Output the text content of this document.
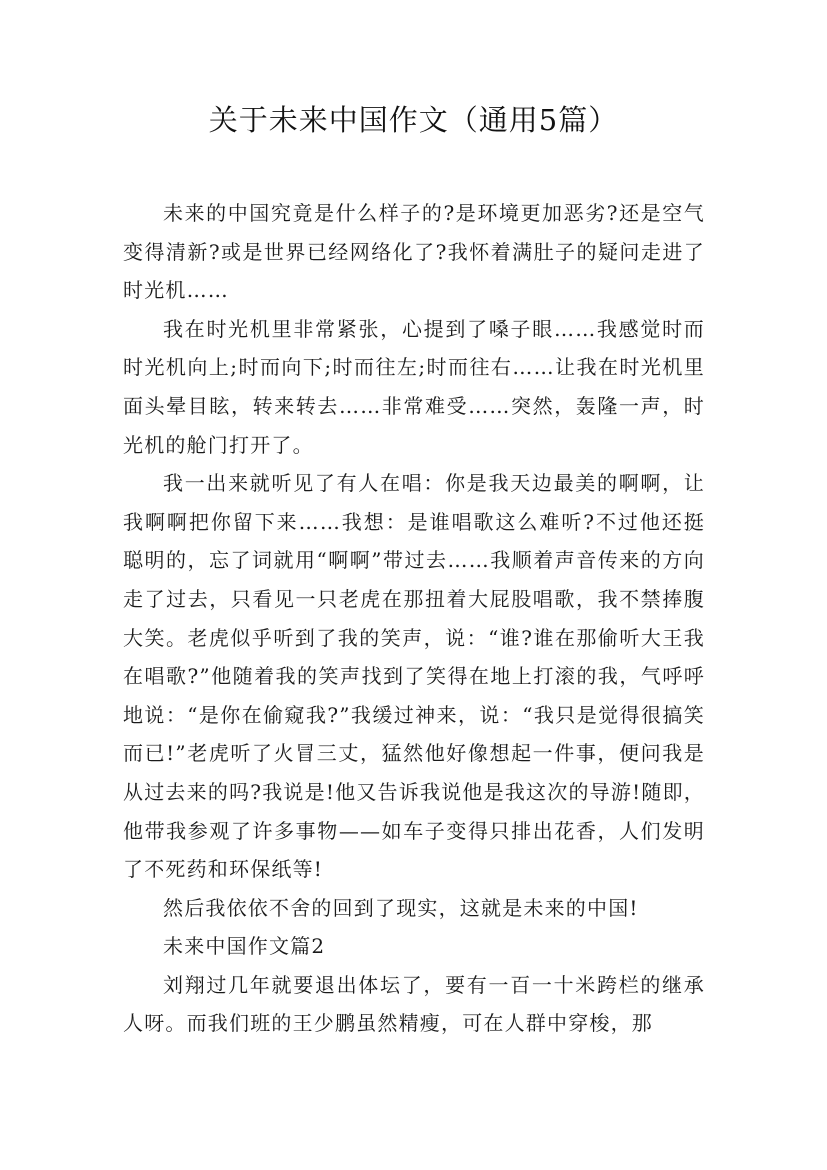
关于未来中国作文（通用5篇）

未来的中国究竟是什么样子的?是环境更加恶劣?还是空气变得清新?或是世界已经网络化了?我怀着满肚子的疑问走进了时光机……

我在时光机里非常紧张，心提到了嗓子眼……我感觉时而时光机向上;时而向下;时而往左;时而往右……让我在时光机里面头晕目眩，转来转去……非常难受……突然，轰隆一声，时光机的舱门打开了。

我一出来就听见了有人在唱：你是我天边最美的啊啊，让我啊啊把你留下来……我想：是谁唱歌这么难听?不过他还挺聪明的，忘了词就用“啊啊”带过去……我顺着声音传来的方向走了过去，只看见一只老虎在那扭着大屁股唱歌，我不禁捧腹大笑。老虎似乎听到了我的笑声，说：“谁?谁在那偷听大王我在唱歌?”他随着我的笑声找到了笑得在地上打滚的我，气呼呼地说：“是你在偷窥我?”我缓过神来，说：“我只是觉得很搞笑而已!”老虎听了火冒三丈，猛然他好像想起一件事，便问我是从过去来的吗?我说是!他又告诉我说他是我这次的导游!随即，他带我参观了许多事物——如车子变得只排出花香，人们发明了不死药和环保纸等!

然后我依依不舍的回到了现实，这就是未来的中国!

未来中国作文篇2

刘翔过几年就要退出体坛了，要有一百一十米跨栏的继承人呀。而我们班的王少鹏虽然精瘦，可在人群中穿梭，那
